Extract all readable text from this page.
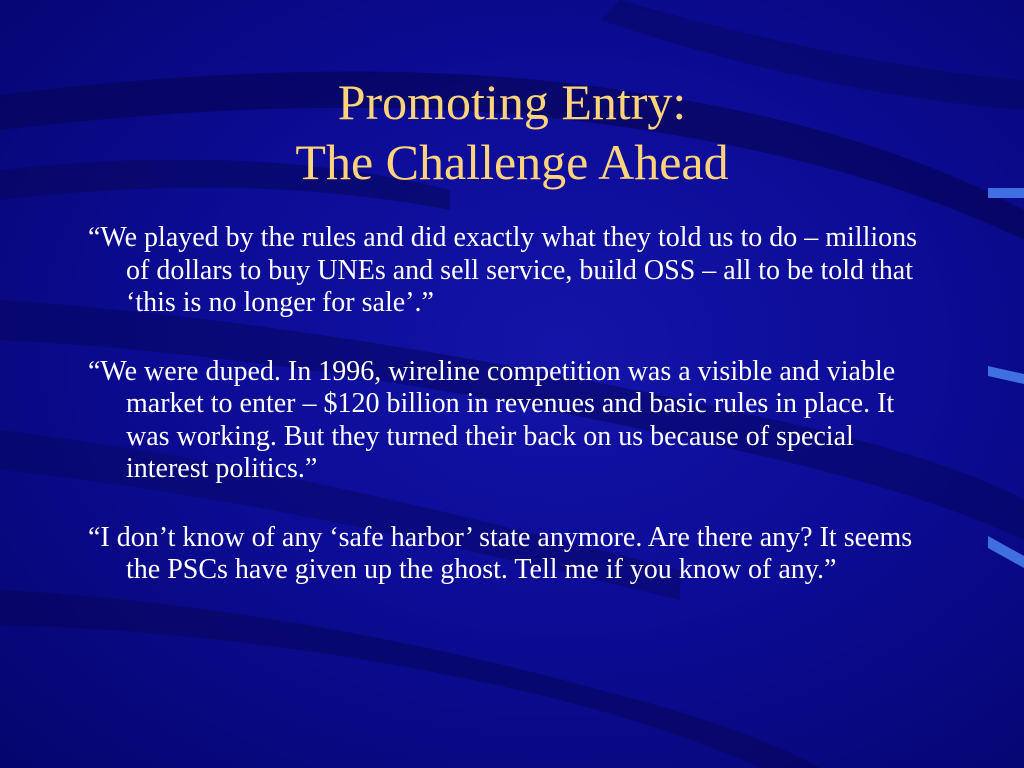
Promoting Entry:
The Challenge Ahead

“We played by the rules and did exactly what they told us to do – millions of dollars to buy UNEs and sell service, build OSS – all to be told that ‘this is no longer for sale’.”

“We were duped. In 1996, wireline competition was a visible and viable market to enter – $120 billion in revenues and basic rules in place. It was working. But they turned their back on us because of special interest politics.”

“I don’t know of any ‘safe harbor’ state anymore. Are there any? It seems the PSCs have given up the ghost. Tell me if you know of any.”
